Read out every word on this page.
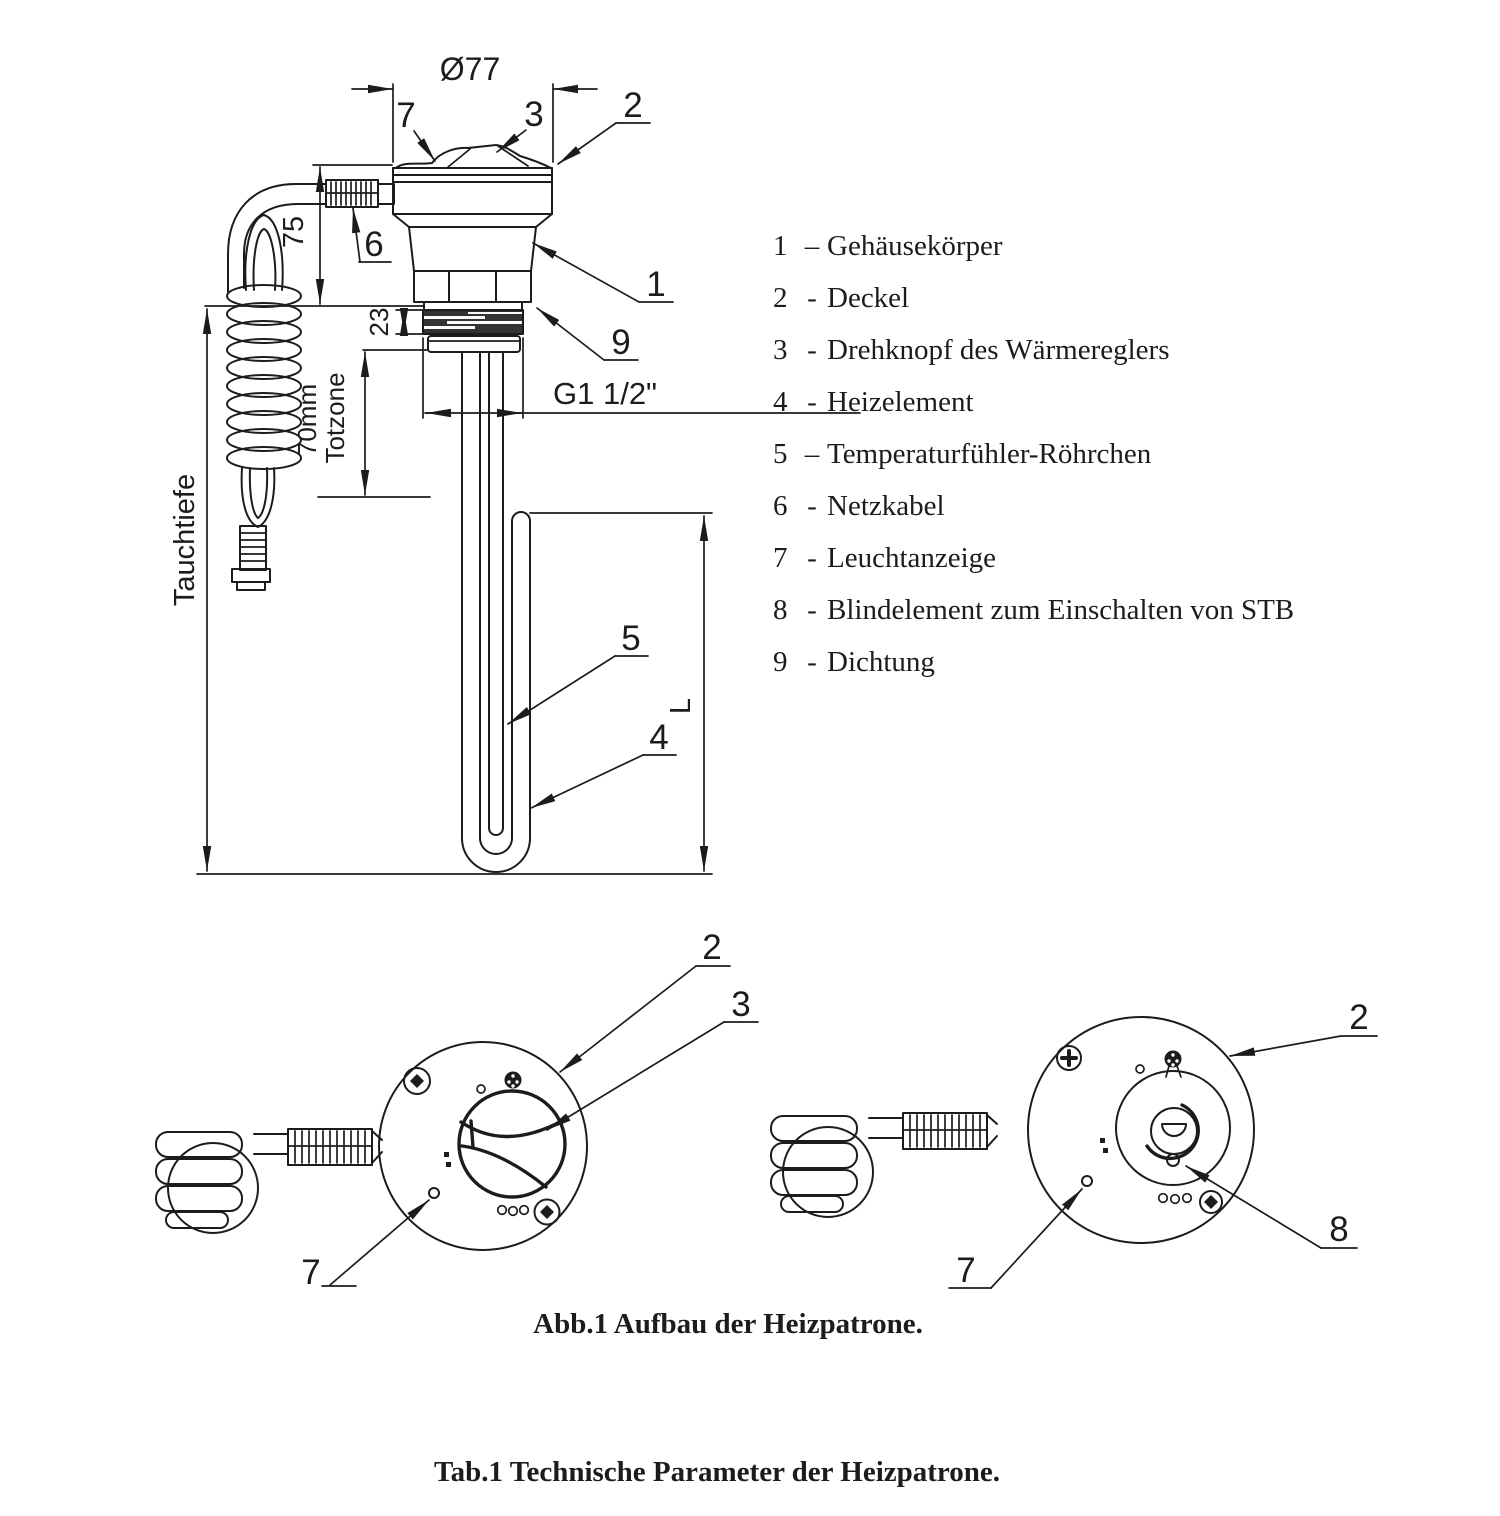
Ø77
75
23
70mm
Totzone
Tauchtiefe
G1 1/2"
L
7	3 2
6
1
9
5
4
7
2
3
7
2
8
1 – Gehäusekörper
2 - Deckel
3 - Drehknopf des Wärmereglers
4 - Heizelement
5 – Temperaturfühler-Röhrchen
6 - Netzkabel
7 - Leuchtanzeige
8 - Blindelement zum Einschalten von STB
9 - Dichtung
Abb.1 Aufbau der Heizpatrone.
Tab.1 Technische Parameter der Heizpatrone.
